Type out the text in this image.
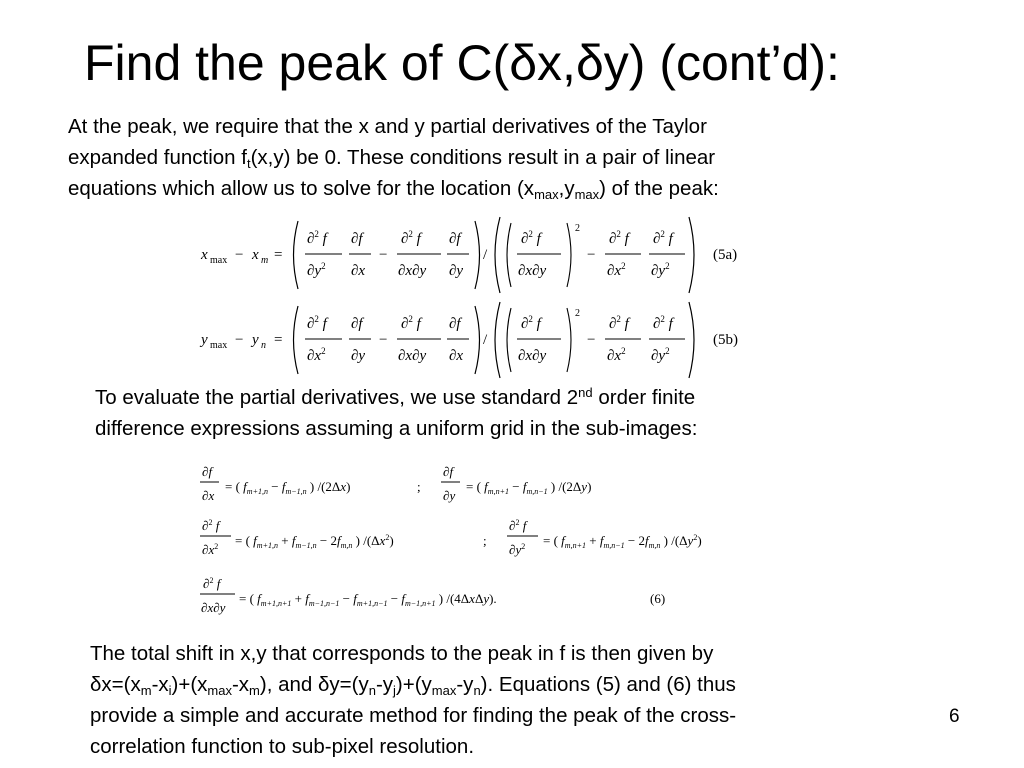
Find the peak of C(δx,δy) (cont’d):
At the peak, we require that the x and y partial derivatives of the Taylor
expanded function $f_t(x,y)$ be 0. These conditions result in a pair of linear
equations which allow us to solve for the location $(x_{max},y_{max})$ of the peak:
x max − x m =
∂$^2$ f
$\partial y^2$
∂f
∂x
−
∂$^2$ f
∂x∂y
∂f
∂y
/
∂$^2$ f
∂x∂y
2
−
∂$^2$ f
$\partial x^2$
∂$^2$ f
$\partial y^2$
(5a)
y max − y n =
∂$^2$ f
$\partial x^2$
∂f
∂y
−
∂$^2$ f
∂x∂y
∂f
∂x
/
∂$^2$ f
∂x∂y
2
−
∂$^2$ f
$\partial x^2$
∂$^2$ f
$\partial y^2$
(5b)
To evaluate the partial derivatives, we use standard 2nd order finite
difference expressions assuming a uniform grid in the sub-images:
∂f
∂x
= ( $f_{m+1,n} - f_{m-1,n}$ ) /(2Δx)	;
∂f
∂y
= ( $f_{m,n+1} - f_{m,n-1}$ ) /(2Δy)
∂$^2$ f
$\partial x^2$ = ( $f_{m+1,n} + f_{m-1,n} - 2f_{m,n}$ ) $/(\Delta x^2)$	;
∂$^2$ f
$\partial y^2$ = ( $f_{m,n+1} + f_{m,n-1} - 2f_{m,n}$ ) $/(\Delta y^2)$
∂$^2$ f
∂x∂y
= ( $f_{m+1,n+1} + f_{m-1,n-1} - f_{m+1,n-1} - f_{m-1,n+1}$ ) /(4ΔxΔy).	(6)
The total shift in x,y that corresponds to the peak in f is then given by
$\delta x=(x_m-x_i)+(x_{max}-x_m)$, and $\delta y=(y_n-y_j)+(y_{max}-y_n)$. Equations (5) and (6) thus
provide a simple and accurate method for finding the peak of the cross-
correlation function to sub-pixel resolution.
6
